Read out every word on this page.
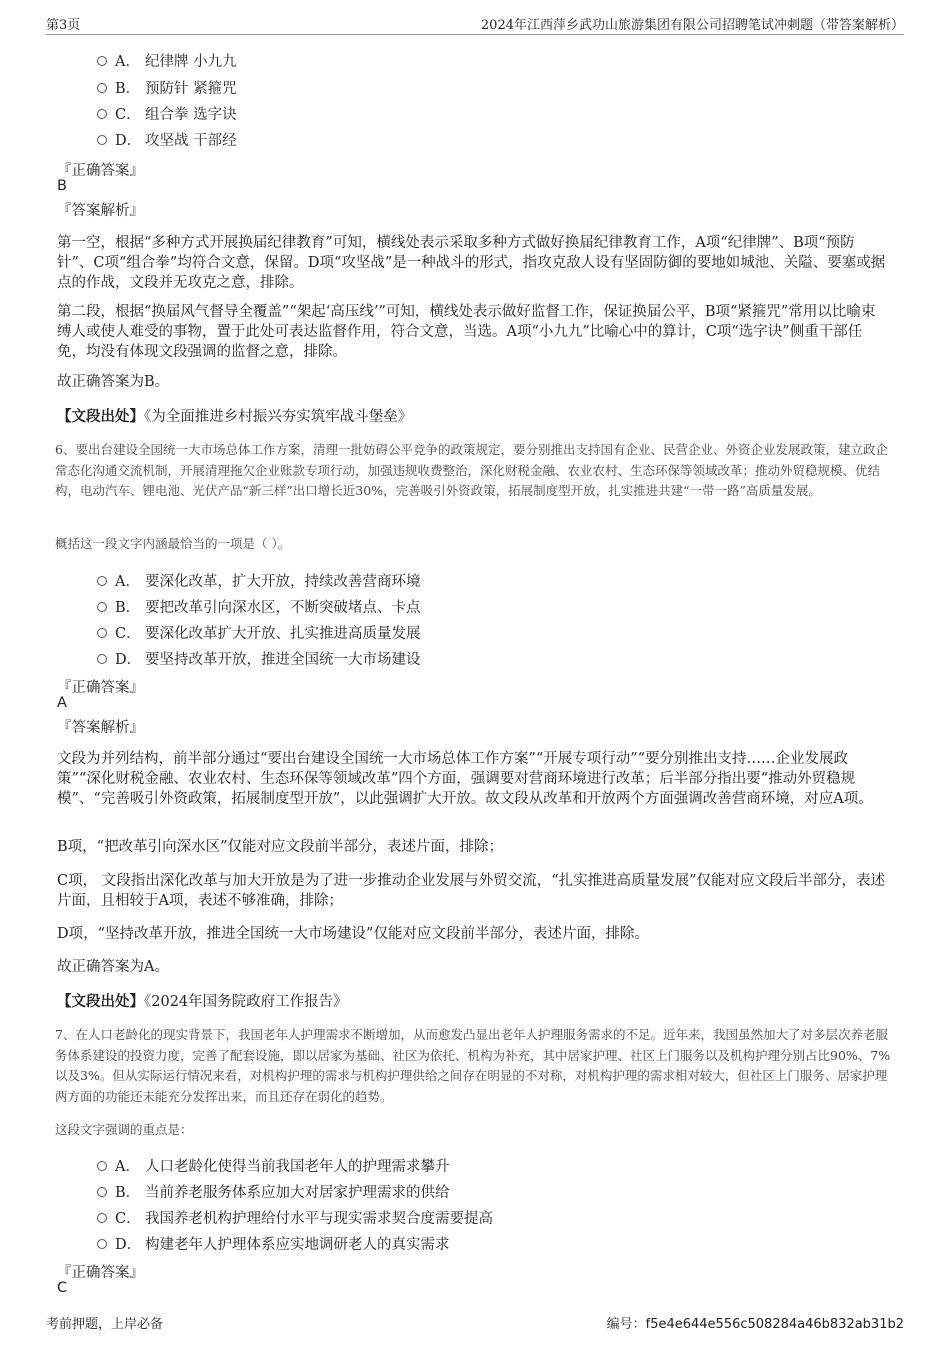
第3页	2024年江西萍乡武功山旅游集团有限公司招聘笔试冲刺题（带答案解析）
A． 纪律牌 小九九
B． 预防针 紧箍咒
C． 组合拳 选字诀
D． 攻坚战 干部经
『正确答案』
B
『答案解析』

第一空，根据“多种方式开展换届纪律教育”可知，横线处表示采取多种方式做好换届纪律教育工作，A项“纪律牌”、B项“预防针”、C项“组合拳”均符合文意，保留。D项“攻坚战”是一种战斗的形式，指攻克敌人设有坚固防御的要地如城池、关隘、要塞或据点的作战，文段并无攻克之意，排除。

第二段，根据“换届风气督导全覆盖”“架起‘高压线’”可知，横线处表示做好监督工作，保证换届公平，B项“紧箍咒”常用以比喻束缚人或使人难受的事物，置于此处可表达监督作用，符合文意，当选。A项“小九九”比喻心中的算计，C项“选字诀”侧重干部任免，均没有体现文段强调的监督之意，排除。

故正确答案为B。

【文段出处】《为全面推进乡村振兴夯实筑牢战斗堡垒》

6、要出台建设全国统一大市场总体工作方案，清理一批妨碍公平竞争的政策规定，要分别推出支持国有企业、民营企业、外资企业发展政策，建立政企常态化沟通交流机制，开展清理拖欠企业账款专项行动，加强违规收费整治，深化财税金融、农业农村、生态环保等领域改革；推动外贸稳规模、优结构，电动汽车、锂电池、光伏产品“新三样”出口增长近30%，完善吸引外资政策，拓展制度型开放，扎实推进共建“一带一路”高质量发展。

概括这一段文字内涵最恰当的一项是（ ）。

A． 要深化改革，扩大开放，持续改善营商环境
B． 要把改革引向深水区，不断突破堵点、卡点
C． 要深化改革扩大开放、扎实推进高质量发展
D． 要坚持改革开放，推进全国统一大市场建设
『正确答案』
A
『答案解析』

文段为并列结构，前半部分通过“要出台建设全国统一大市场总体工作方案”“开展专项行动”“要分别推出支持……企业发展政策”“深化财税金融、农业农村、生态环保等领域改革”四个方面，强调要对营商环境进行改革；后半部分指出要“推动外贸稳规模”、“完善吸引外资政策，拓展制度型开放”，以此强调扩大开放。故文段从改革和开放两个方面强调改善营商环境，对应A项。

B项，“把改革引向深水区”仅能对应文段前半部分，表述片面，排除；

C项， 文段指出深化改革与加大开放是为了进一步推动企业发展与外贸交流，“扎实推进高质量发展”仅能对应文段后半部分，表述片面，且相较于A项，表述不够准确，排除；

D项，“坚持改革开放，推进全国统一大市场建设”仅能对应文段前半部分，表述片面，排除。

故正确答案为A。

【文段出处】《2024年国务院政府工作报告》

7、在人口老龄化的现实背景下，我国老年人护理需求不断增加，从而愈发凸显出老年人护理服务需求的不足。近年来，我国虽然加大了对多层次养老服务体系建设的投资力度，完善了配套设施，即以居家为基础、社区为依托、机构为补充，其中居家护理、社区上门服务以及机构护理分别占比90%、7%以及3%。但从实际运行情况来看，对机构护理的需求与机构护理供给之间存在明显的不对称，对机构护理的需求相对较大，但社区上门服务、居家护理两方面的功能还未能充分发挥出来，而且还存在弱化的趋势。

这段文字强调的重点是：

A． 人口老龄化使得当前我国老年人的护理需求攀升
B． 当前养老服务体系应加大对居家护理需求的供给
C． 我国养老机构护理给付水平与现实需求契合度需要提高
D． 构建老年人护理体系应实地调研老人的真实需求
『正确答案』
C
考前押题，上岸必备	编号：f5e4e644e556c508284a46b832ab31b2
